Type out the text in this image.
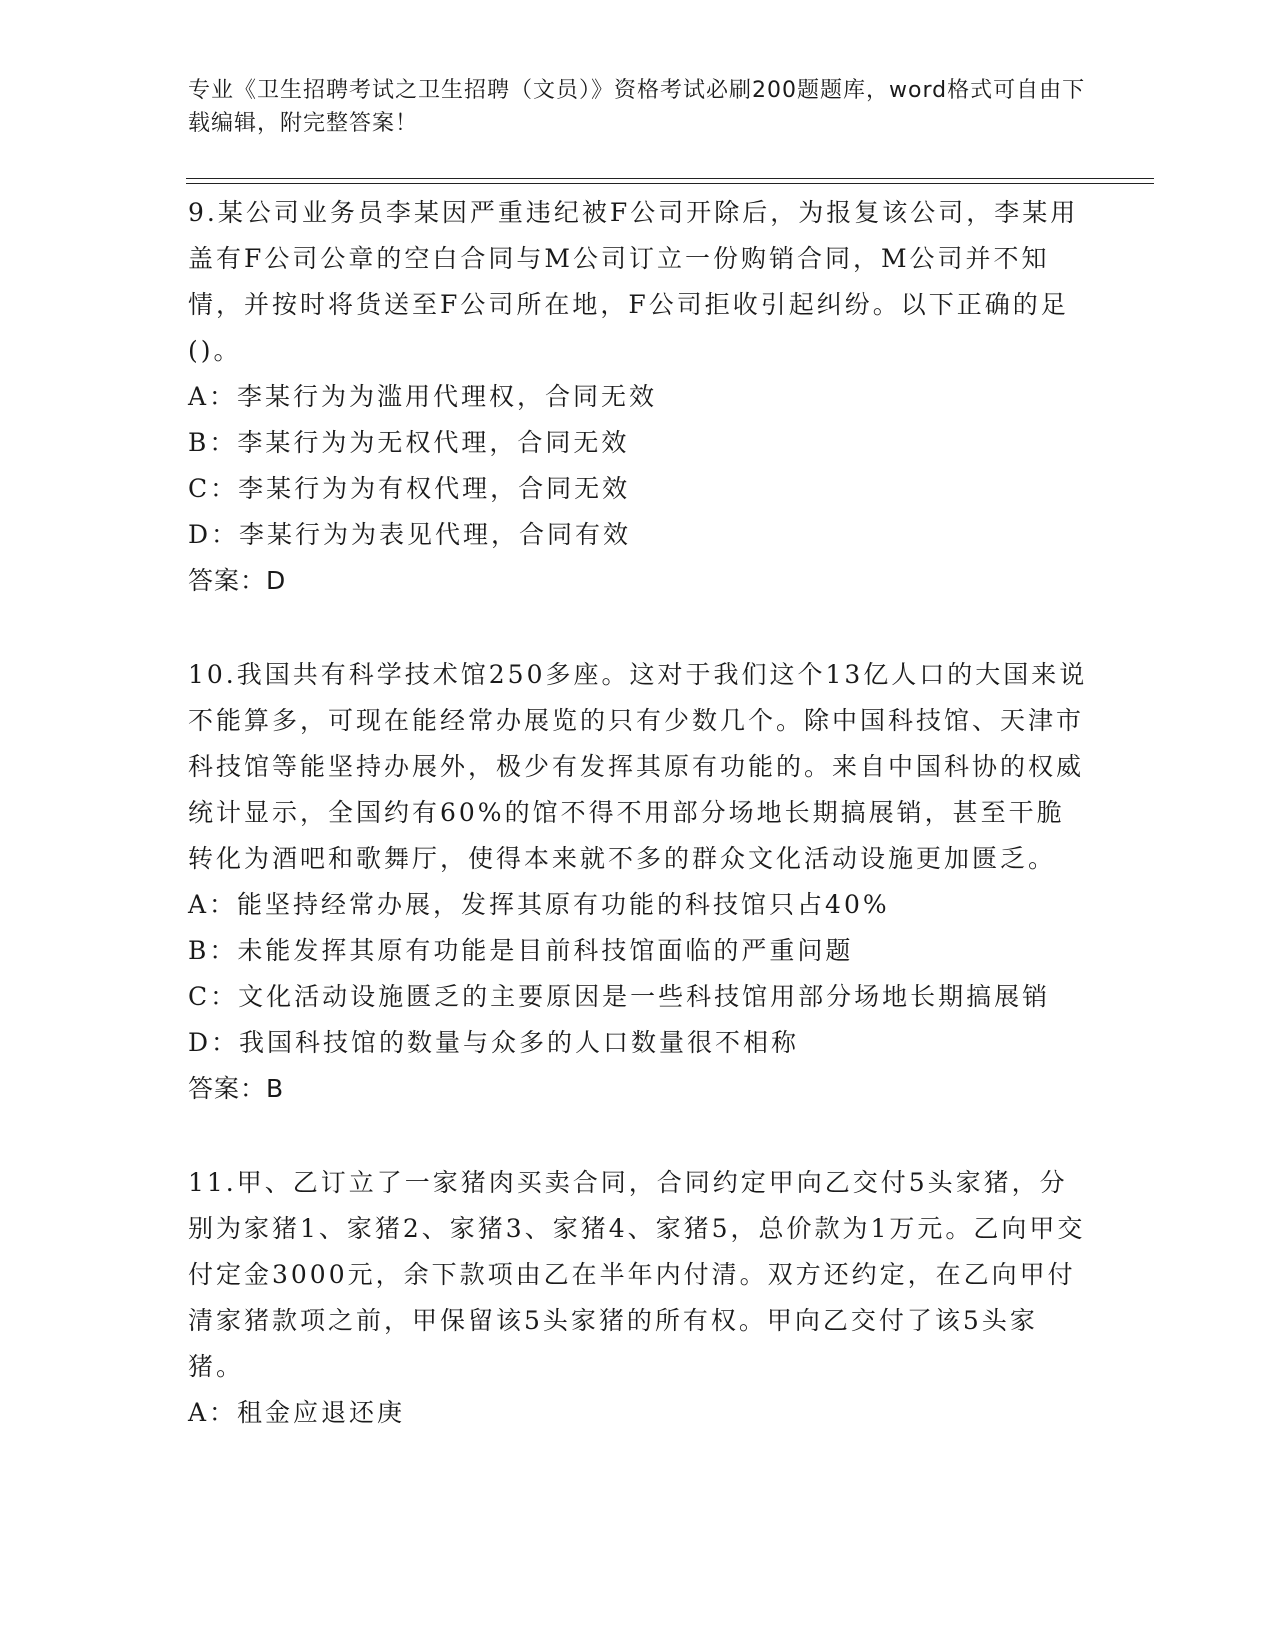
专业《卫生招聘考试之卫生招聘（文员）》资格考试必刷200题题库，word格式可自由下载编辑，附完整答案！

9.某公司业务员李某因严重违纪被F公司开除后，为报复该公司，李某用盖有F公司公章的空白合同与M公司订立一份购销合同，M公司并不知情，并按时将货送至F公司所在地，F公司拒收引起纠纷。以下正确的足()。

A：李某行为为滥用代理权，合同无效

B：李某行为为无权代理，合同无效

C：李某行为为有权代理，合同无效

D：李某行为为表见代理，合同有效

答案：D

10.我国共有科学技术馆250多座。这对于我们这个13亿人口的大国来说不能算多，可现在能经常办展览的只有少数几个。除中国科技馆、天津市科技馆等能坚持办展外，极少有发挥其原有功能的。来自中国科协的权威统计显示，全国约有60%的馆不得不用部分场地长期搞展销，甚至干脆转化为酒吧和歌舞厅，使得本来就不多的群众文化活动设施更加匮乏。

A：能坚持经常办展，发挥其原有功能的科技馆只占40%

B：未能发挥其原有功能是目前科技馆面临的严重问题

C：文化活动设施匮乏的主要原因是一些科技馆用部分场地长期搞展销

D：我国科技馆的数量与众多的人口数量很不相称

答案：B

11.甲、乙订立了一家猪肉买卖合同，合同约定甲向乙交付5头家猪，分别为家猪1、家猪2、家猪3、家猪4、家猪5，总价款为1万元。乙向甲交付定金3000元，余下款项由乙在半年内付清。双方还约定，在乙向甲付清家猪款项之前，甲保留该5头家猪的所有权。甲向乙交付了该5头家猪。

A：租金应退还庚
